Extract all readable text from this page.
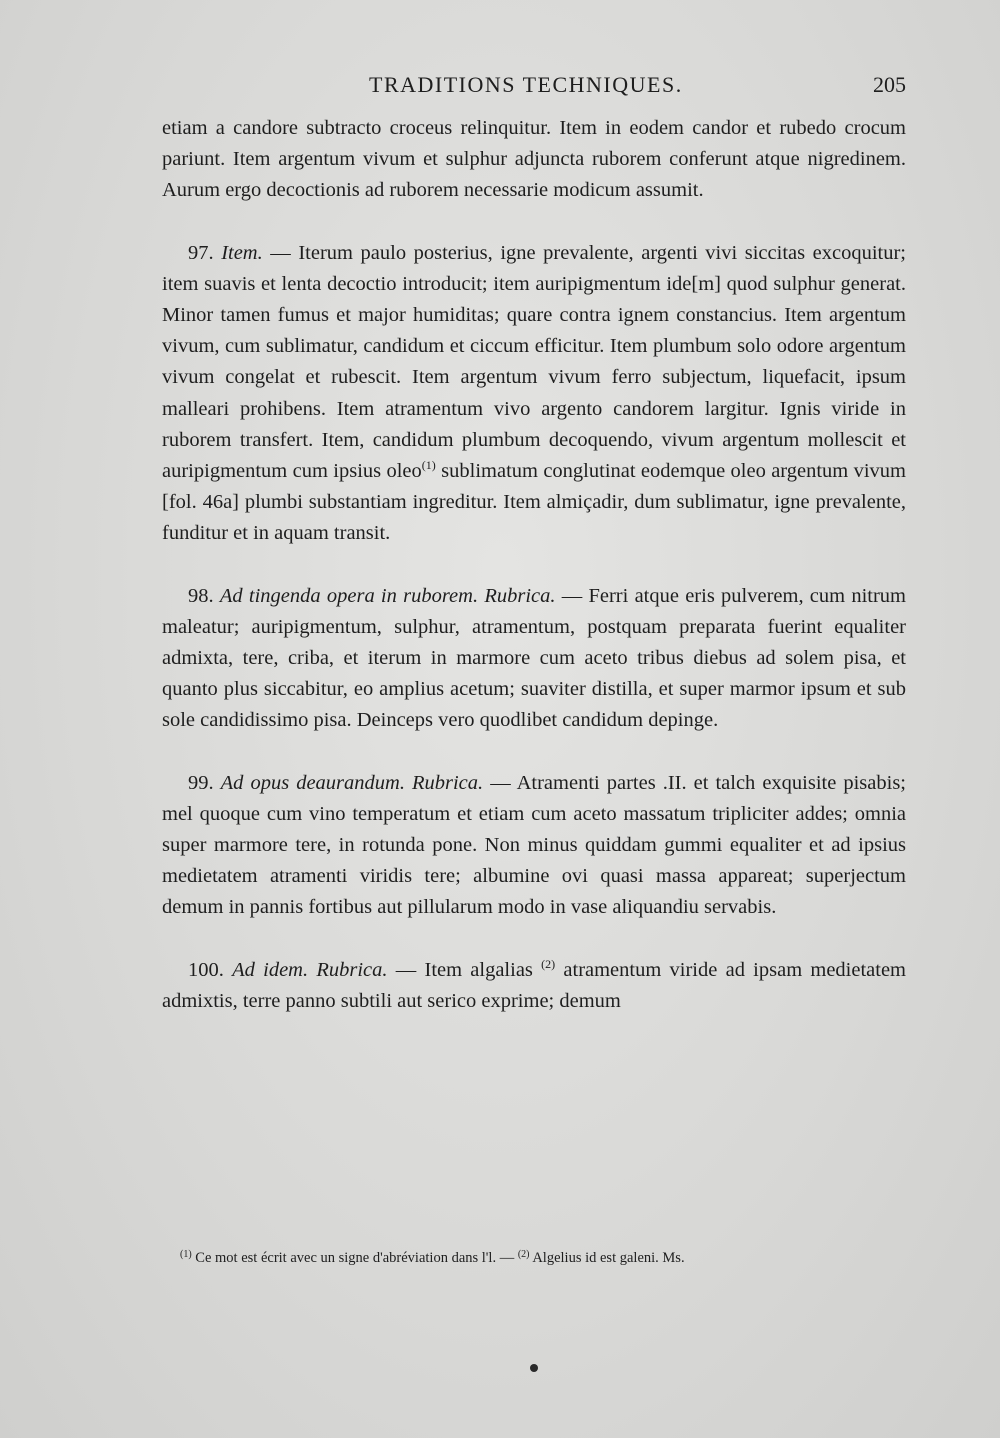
TRADITIONS TECHNIQUES.	205

etiam a candore subtracto croceus relinquitur. Item in eodem candor et rubedo crocum pariunt. Item argentum vivum et sulphur adjuncta ruborem conferunt atque nigredinem. Aurum ergo decoctionis ad ruborem necessarie modicum assumit.

97. Item. — Iterum paulo posterius, igne prevalente, argenti vivi siccitas excoquitur; item suavis et lenta decoctio introducit; item auripigmentum ide[m] quod sulphur generat. Minor tamen fumus et major humiditas; quare contra ignem constancius. Item argentum vivum, cum sublimatur, candidum et ciccum efficitur. Item plumbum solo odore argentum vivum congelat et rubescit. Item argentum vivum ferro subjectum, liquefacit, ipsum malleari prohibens. Item atramentum vivo argento candorem largitur. Ignis viride in ruborem transfert. Item, candidum plumbum decoquendo, vivum argentum mollescit et auripigmentum cum ipsius oleo$^{(1)}$ sublimatum conglutinat eodemque oleo argentum vivum [fol. 46a] plumbi substantiam ingreditur. Item almiçadir, dum sublimatur, igne prevalente, funditur et in aquam transit.

98. Ad tingenda opera in ruborem. Rubrica. — Ferri atque eris pulverem, cum nitrum maleatur; auripigmentum, sulphur, atramentum, postquam preparata fuerint equaliter admixta, tere, criba, et iterum in marmore cum aceto tribus diebus ad solem pisa, et quanto plus siccabitur, eo amplius acetum; suaviter distilla, et super marmor ipsum et sub sole candidissimo pisa. Deinceps vero quodlibet candidum depinge.

99. Ad opus deaurandum. Rubrica. — Atramenti partes .II. et talch exquisite pisabis; mel quoque cum vino temperatum et etiam cum aceto massatum tripliciter addes; omnia super marmore tere, in rotunda pone. Non minus quiddam gummi equaliter et ad ipsius medietatem atramenti viridis tere; albumine ovi quasi massa appareat; superjectum demum in pannis fortibus aut pillularum modo in vase aliquandiu servabis.

100. Ad idem. Rubrica. — Item algalias $^{(2)}$ atramentum viride ad ipsam medietatem admixtis, terre panno subtili aut serico exprime; demum

$^{(1)}$ Ce mot est écrit avec un signe d'abréviation dans l'l. — $^{(2)}$ Algelius id est galeni. Ms.
